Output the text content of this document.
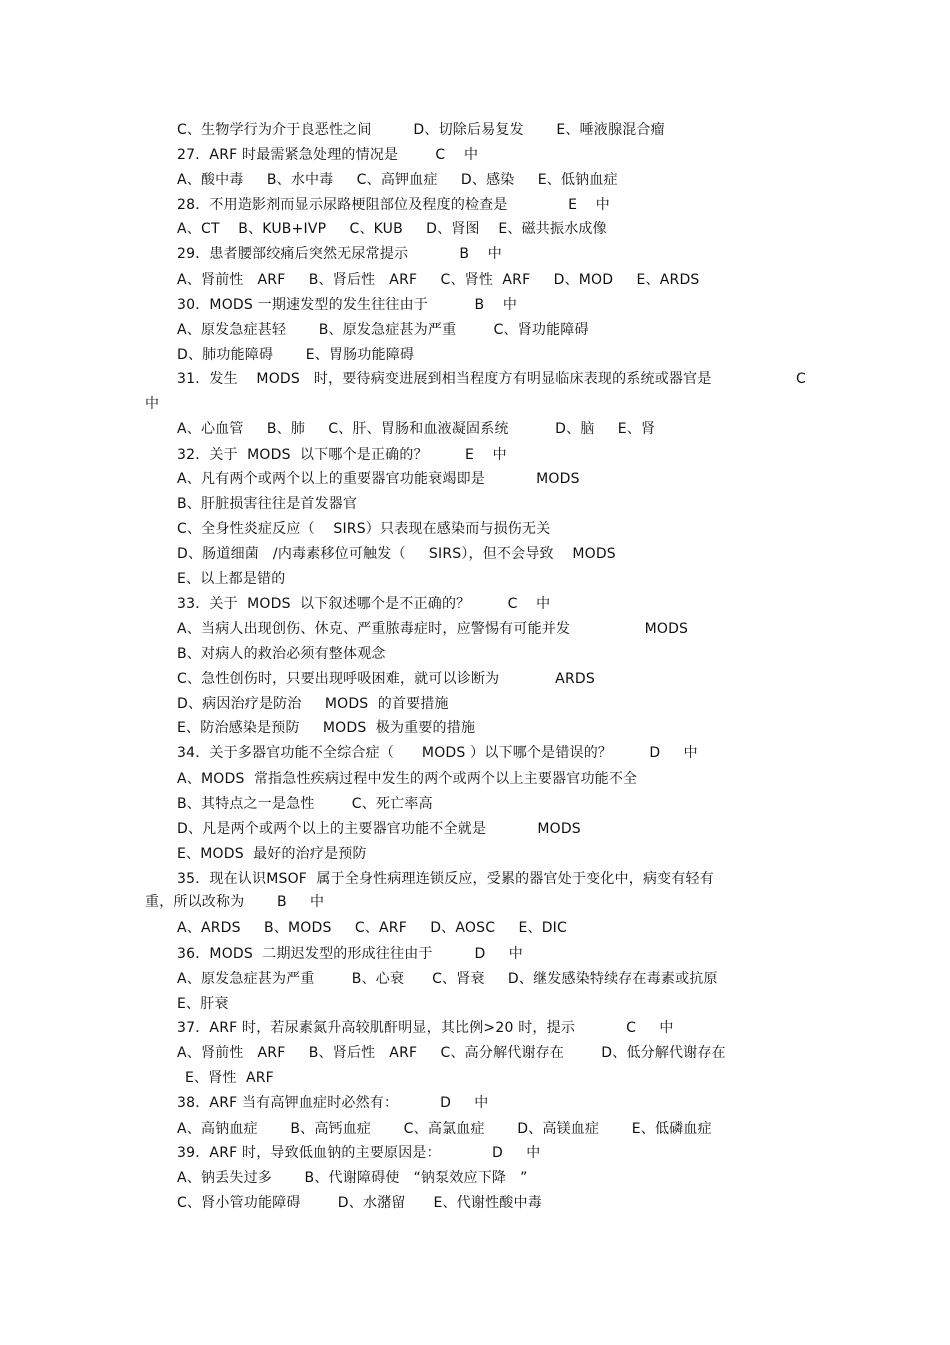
C、生物学行为介于良恶性之间         D、切除后易复发       E、唾液腺混合瘤
27．ARF 时最需紧急处理的情况是        C    中
A、酸中毒     B、水中毒     C、高钾血症     D、感染     E、低钠血症
28．不用造影剂而显示尿路梗阻部位及程度的检查是             E    中
A、CT    B、KUB+IVP     C、KUB     D、肾图    E、磁共振水成像
29．患者腰部绞痛后突然无尿常提示           B    中
A、肾前性   ARF     B、肾后性   ARF     C、肾性  ARF     D、MOD     E、ARDS
30．MODS 一期速发型的发生往往由于          B    中
A、原发急症甚轻       B、原发急症甚为严重        C、肾功能障碍
D、肺功能障碍       E、胃肠功能障碍
31．发生    MODS   时，要待病变进展到相当程度方有明显临床表现的系统或器官是	C
中
A、心血管     B、肺     C、肝、胃肠和血液凝固系统          D、脑     E、肾
32．关于  MODS  以下哪个是正确的？        E    中
A、凡有两个或两个以上的重要器官功能衰竭即是           MODS
B、肝脏损害往往是首发器官
C、全身性炎症反应（    SIRS）只表现在感染而与损伤无关
D、肠道细菌   /内毒素移位可触发（     SIRS），但不会导致    MODS
E、以上都是错的
33．关于  MODS  以下叙述哪个是不正确的？        C    中
A、当病人出现创伤、休克、严重脓毒症时，应警惕有可能并发                MODS
B、对病人的救治必须有整体观念
C、急性创伤时，只要出现呼吸困难，就可以诊断为            ARDS
D、病因治疗是防治     MODS  的首要措施
E、防治感染是预防     MODS  极为重要的措施
34．关于多器官功能不全综合症（      MODS ）以下哪个是错误的？        D     中
A、MODS  常指急性疾病过程中发生的两个或两个以上主要器官功能不全
B、其特点之一是急性        C、死亡率高
D、凡是两个或两个以上的主要器官功能不全就是           MODS
E、MODS  最好的治疗是预防
35．现在认识MSOF  属于全身性病理连锁反应，受累的器官处于变化中，病变有轻有
重，所以改称为       B     中
A、ARDS     B、MODS     C、ARF     D、AOSC     E、DIC
36．MODS  二期迟发型的形成往往由于         D     中
A、原发急症甚为严重        B、心衰      C、肾衰     D、继发感染特续存在毒素或抗原
E、肝衰
37．ARF 时，若尿素氮升高较肌酐明显，其比例>20 时，提示           C     中
A、肾前性   ARF     B、肾后性   ARF     C、高分解代谢存在        D、低分解代谢存在
E、肾性  ARF
38．ARF 当有高钾血症时必然有：         D     中
A、高钠血症       B、高钙血症       C、高氯血症       D、高镁血症       E、低磷血症
39．ARF 时，导致低血钠的主要原因是：           D     中
A、钠丢失过多       B、代谢障碍使   “钠泵效应下降   ”
C、肾小管功能障碍        D、水潴留      E、代谢性酸中毒
